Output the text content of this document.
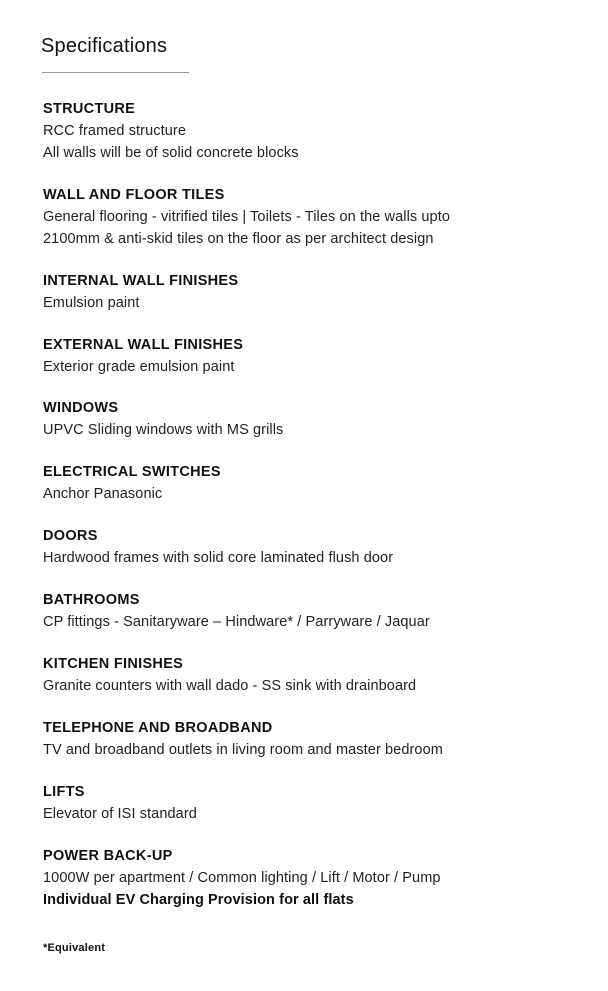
Specifications
STRUCTURE
RCC framed structure
All walls will be of solid concrete blocks
WALL AND FLOOR TILES
General flooring - vitrified tiles | Toilets - Tiles on the walls upto
2100mm & anti-skid tiles on the floor as per architect design
INTERNAL WALL FINISHES
Emulsion paint
EXTERNAL WALL FINISHES
Exterior grade emulsion paint
WINDOWS
UPVC Sliding windows with MS grills
ELECTRICAL SWITCHES
Anchor Panasonic
DOORS
Hardwood frames with solid core laminated flush door
BATHROOMS
CP fittings - Sanitaryware – Hindware* / Parryware / Jaquar
KITCHEN FINISHES
Granite counters with wall dado - SS sink with drainboard
TELEPHONE AND BROADBAND
TV and broadband outlets in living room and master bedroom
LIFTS
Elevator of ISI standard
POWER BACK-UP
1000W per apartment / Common lighting / Lift / Motor / Pump
Individual EV Charging Provision for all flats
*Equivalent
